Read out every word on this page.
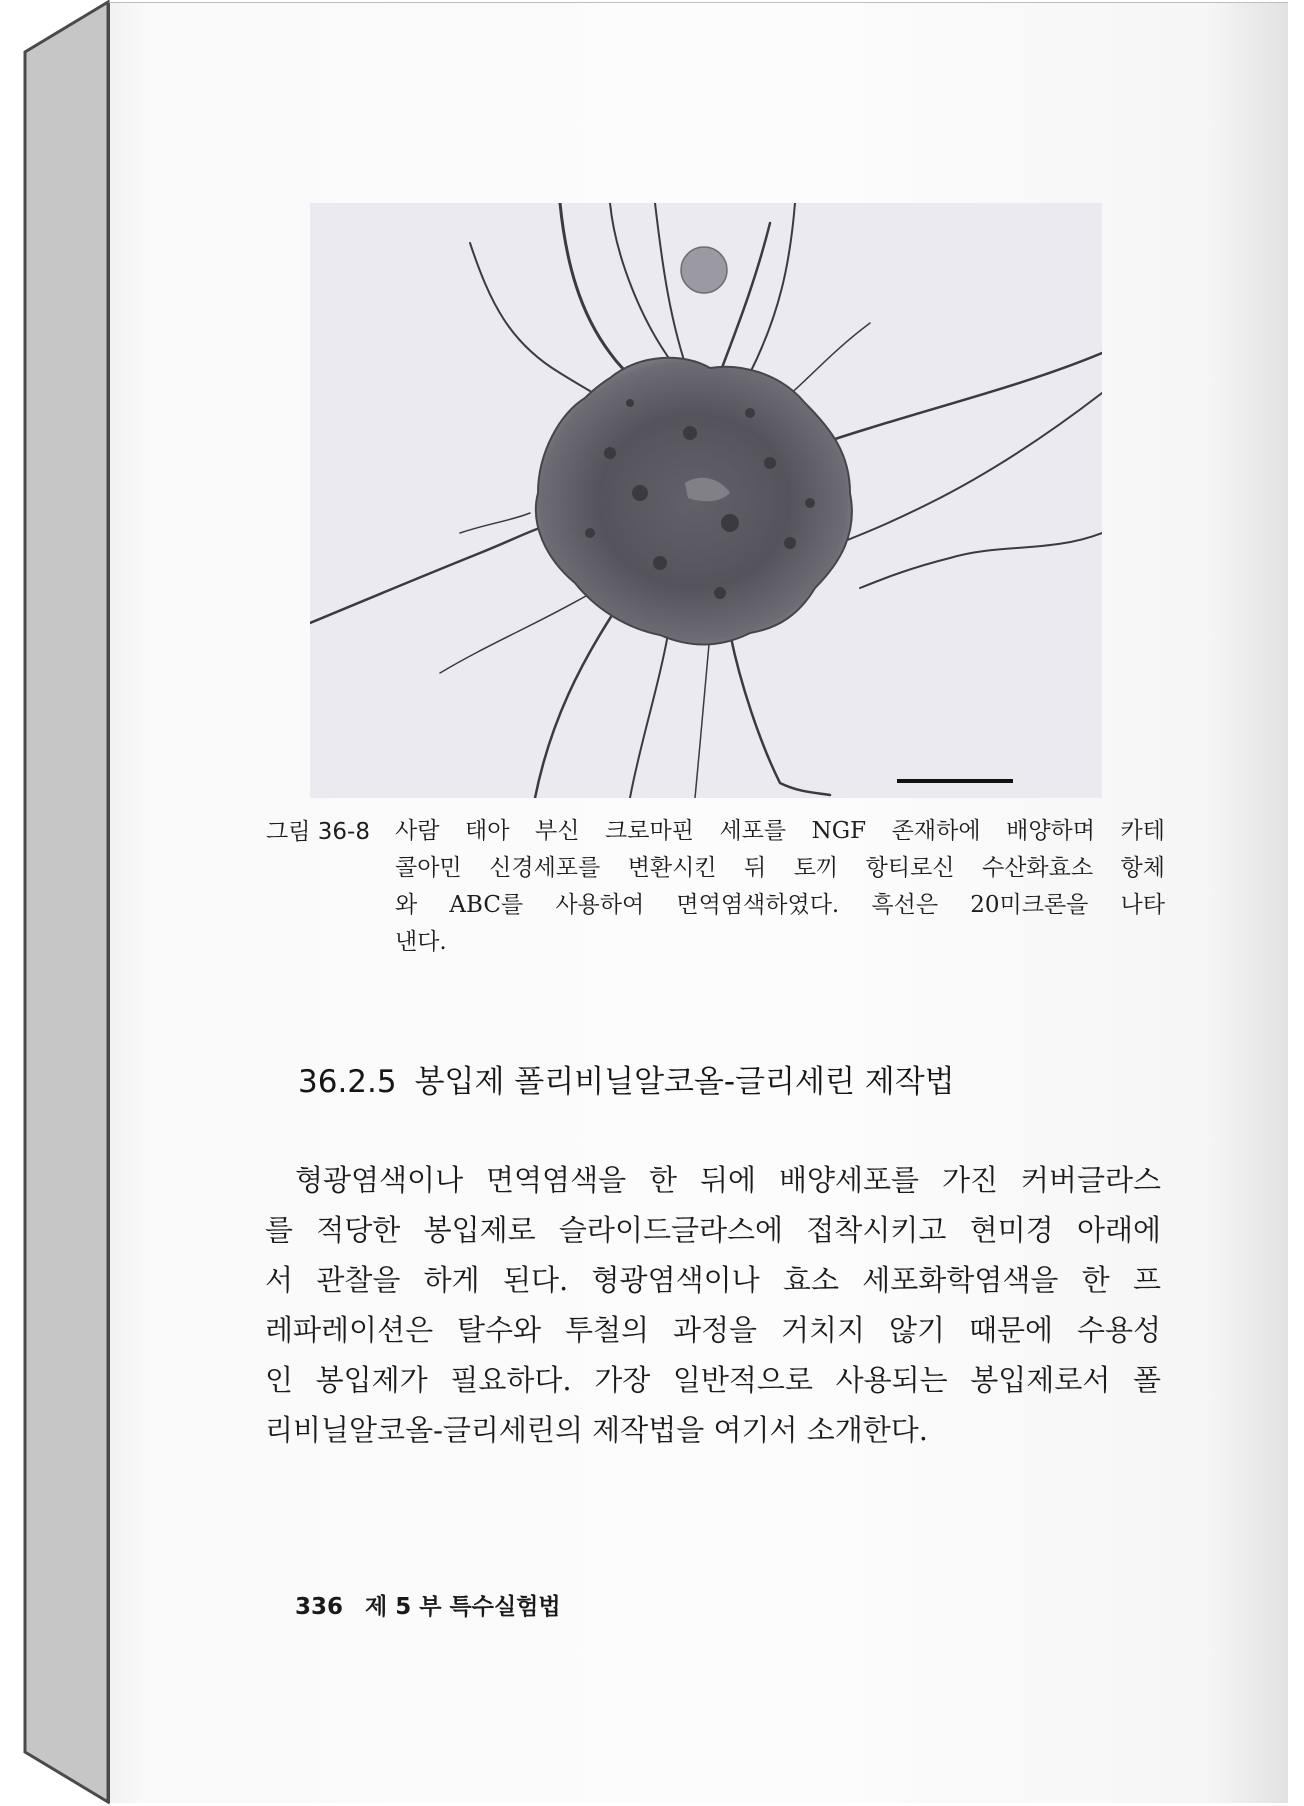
그림 36-8	사람 태아 부신 크로마핀 세포를 NGF 존재하에 배양하며 카테
콜아민 신경세포를 변환시킨 뒤 토끼 항티로신 수산화효소 항체
와 ABC를 사용하여 면역염색하였다. 흑선은 20미크론을 나타
낸다.
36.2.5 봉입제 폴리비닐알코올-글리세린 제작법
형광염색이나 면역염색을 한 뒤에 배양세포를 가진 커버글라스
를 적당한 봉입제로 슬라이드글라스에 접착시키고 현미경 아래에
서 관찰을 하게 된다. 형광염색이나 효소 세포화학염색을 한 프
레파레이션은 탈수와 투철의 과정을 거치지 않기 때문에 수용성
인 봉입제가 필요하다. 가장 일반적으로 사용되는 봉입제로서 폴
리비닐알코올-글리세린의 제작법을 여기서 소개한다.
336 제 5 부 특수실험법
